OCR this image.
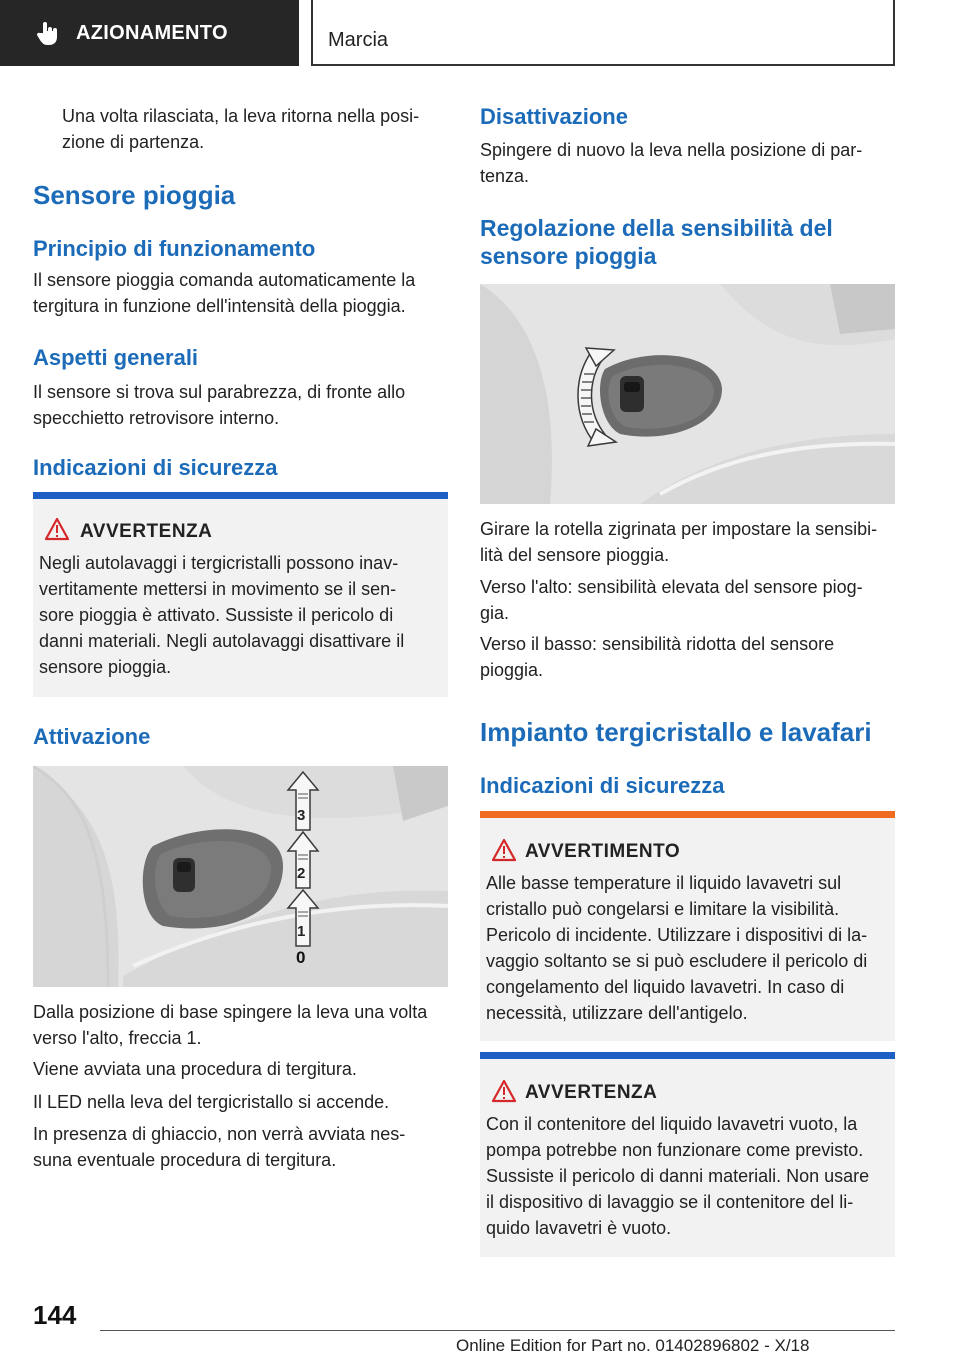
AZIONAMENTO	Marcia
Una volta rilasciata, la leva ritorna nella posi-
zione di partenza.
Sensore pioggia
Principio di funzionamento
Il sensore pioggia comanda automaticamente la tergitura in funzione dell'intensità della pioggia.
Aspetti generali
Il sensore si trova sul parabrezza, di fronte allo specchietto retrovisore interno.
Indicazioni di sicurezza
AVVERTENZA
Negli autolavaggi i tergicristalli possono inav-
vertitamente mettersi in movimento se il sen-
sore pioggia è attivato. Sussiste il pericolo di
danni materiali. Negli autolavaggi disattivare il
sensore pioggia.
Attivazione
1
2
3
0
Dalla posizione di base spingere la leva una volta verso l'alto, freccia 1.
Viene avviata una procedura di tergitura.
Il LED nella leva del tergicristallo si accende.
In presenza di ghiaccio, non verrà avviata nes-
suna eventuale procedura di tergitura.
Disattivazione
Spingere di nuovo la leva nella posizione di par-
tenza.
Regolazione della sensibilità del sensore pioggia
Girare la rotella zigrinata per impostare la sensibi-
lità del sensore pioggia.
Verso l'alto: sensibilità elevata del sensore piog-
gia.
Verso il basso: sensibilità ridotta del sensore
pioggia.
Impianto tergicristallo e lavafari
Indicazioni di sicurezza
AVVERTIMENTO
Alle basse temperature il liquido lavavetri sul
cristallo può congelarsi e limitare la visibilità.
Pericolo di incidente. Utilizzare i dispositivi di la-
vaggio soltanto se si può escludere il pericolo di
congelamento del liquido lavavetri. In caso di
necessità, utilizzare dell'antigelo.
AVVERTENZA
Con il contenitore del liquido lavavetri vuoto, la
pompa potrebbe non funzionare come previsto.
Sussiste il pericolo di danni materiali. Non usare
il dispositivo di lavaggio se il contenitore del li-
quido lavavetri è vuoto.
144
Online Edition for Part no. 01402896802 - X/18
